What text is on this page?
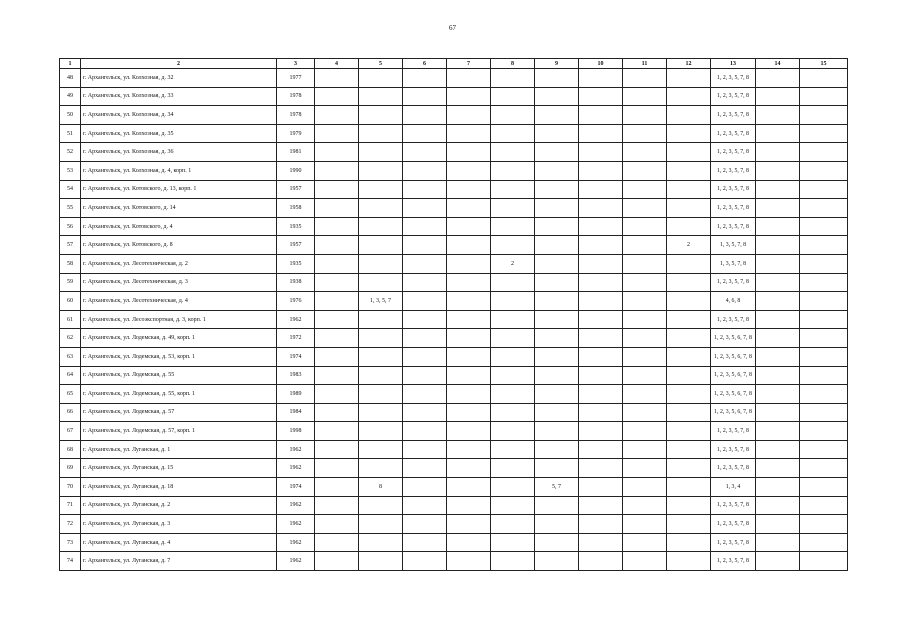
67
1	2	3	4	5	6	7	8	9	10	11	12	13	14	15
48	г. Архангельск, ул. Колхозная, д. 32	1977										1, 2, 3, 5, 7, 8		
49	г. Архангельск, ул. Колхозная, д. 33	1978										1, 2, 3, 5, 7, 8		
50	г. Архангельск, ул. Колхозная, д. 34	1978										1, 2, 3, 5, 7, 8		
51	г. Архангельск, ул. Колхозная, д. 35	1979										1, 2, 3, 5, 7, 8		
52	г. Архангельск, ул. Колхозная, д. 36	1981										1, 2, 3, 5, 7, 8		
53	г. Архангельск, ул. Колхозная, д. 4, корп. 1	1990										1, 2, 3, 5, 7, 8		
54	г. Архангельск, ул. Котовского, д. 13, корп. 1	1957										1, 2, 3, 5, 7, 8		
55	г. Архангельск, ул. Котовского, д. 14	1958										1, 2, 3, 5, 7, 8		
56	г. Архангельск, ул. Котовского, д. 4	1935										1, 2, 3, 5, 7, 8		
57	г. Архангельск, ул. Котовского, д. 8	1957									2	1, 3, 5, 7, 8		
58	г. Архангельск, ул. Лесотехническая, д. 2	1935					2					1, 3, 5, 7, 8		
59	г. Архангельск, ул. Лесотехническая, д. 3	1938										1, 2, 3, 5, 7, 8		
60	г. Архангельск, ул. Лесотехническая, д. 4	1976		1, 3, 5, 7								4, 6, 8		
61	г. Архангельск, ул. Лесоэкспортная, д. 3, корп. 1	1962										1, 2, 3, 5, 7, 8		
62	г. Архангельск, ул. Лодемская, д. 49, корп. 1	1972										1, 2, 3, 5, 6, 7, 8		
63	г. Архангельск, ул. Лодемская, д. 53, корп. 1	1974										1, 2, 3, 5, 6, 7, 8		
64	г. Архангельск, ул. Лодемская, д. 55	1983										1, 2, 3, 5, 6, 7, 8		
65	г. Архангельск, ул. Лодемская, д. 55, корп. 1	1989										1, 2, 3, 5, 6, 7, 8		
66	г. Архангельск, ул. Лодемская, д. 57	1984										1, 2, 3, 5, 6, 7, 8		
67	г. Архангельск, ул. Лодемская, д. 57, корп. 1	1998										1, 2, 3, 5, 7, 8		
68	г. Архангельск, ул. Луганская, д. 1	1962										1, 2, 3, 5, 7, 8		
69	г. Архангельск, ул. Луганская, д. 15	1962										1, 2, 3, 5, 7, 8		
70	г. Архангельск, ул. Луганская, д. 18	1974		8				5, 7				1, 3, 4		
71	г. Архангельск, ул. Луганская, д. 2	1962										1, 2, 3, 5, 7, 8		
72	г. Архангельск, ул. Луганская, д. 3	1962										1, 2, 3, 5, 7, 8		
73	г. Архангельск, ул. Луганская, д. 4	1962										1, 2, 3, 5, 7, 8		
74	г. Архангельск, ул. Луганская, д. 7	1962										1, 2, 3, 5, 7, 8		
